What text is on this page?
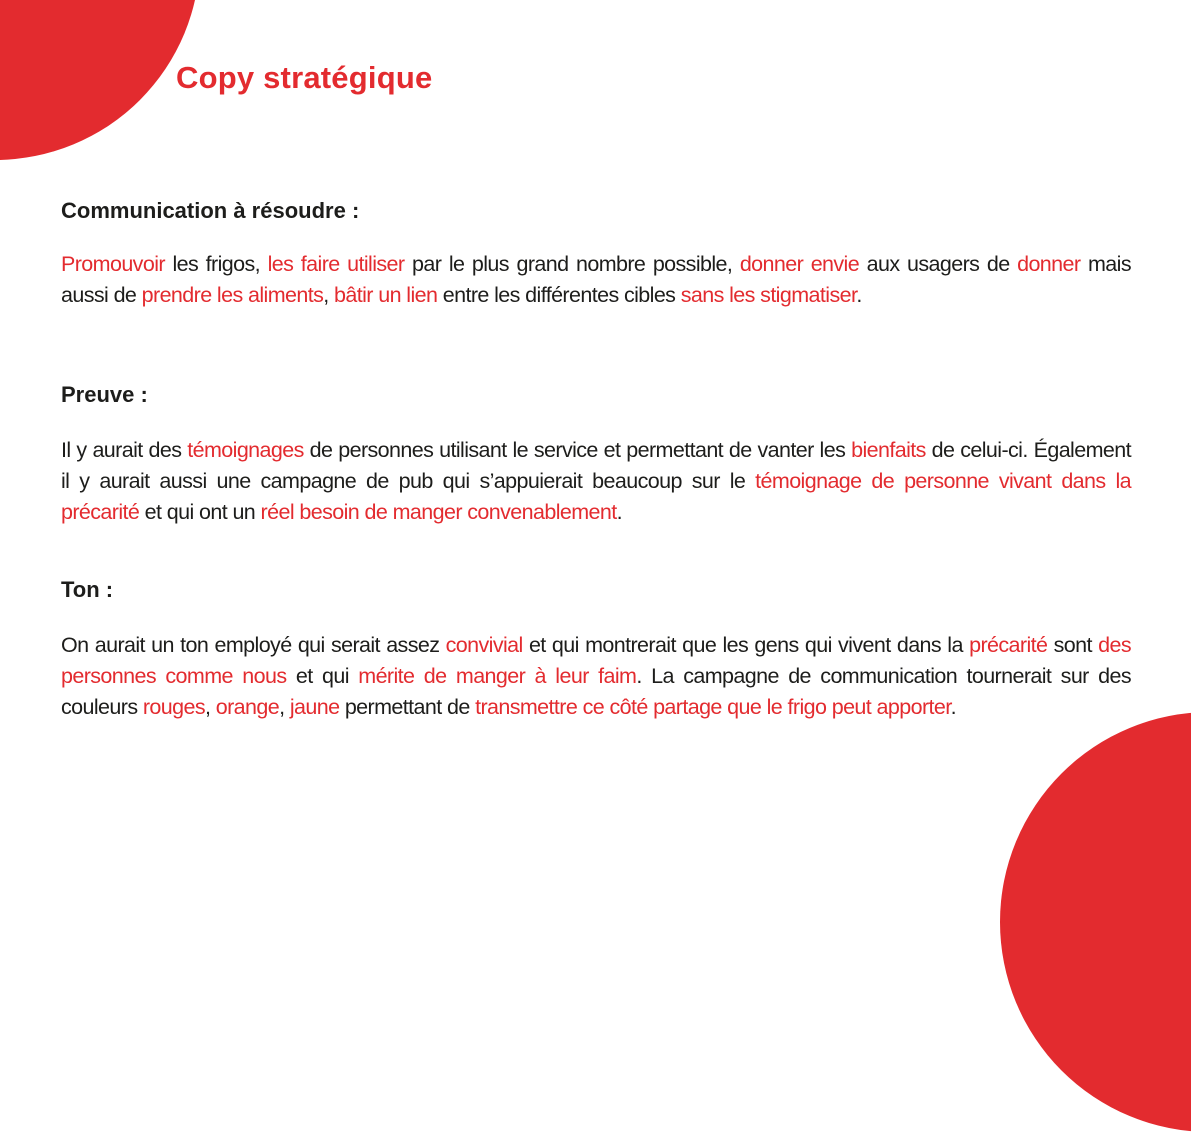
Copy stratégique
Communication à résoudre :

Promouvoir les frigos, les faire utiliser par le plus grand nombre possible, donner envie aux usagers de donner mais aussi de prendre les aliments, bâtir un lien entre les différentes cibles sans les stigmatiser.

Preuve :

Il y aurait des témoignages de personnes utilisant le service et permettant de vanter les bienfaits de celui-ci. Également il y aurait aussi une campagne de pub qui s’appuierait beaucoup sur le témoignage de personne vivant dans la précarité et qui ont un réel besoin de manger convenablement.

Ton :

On aurait un ton employé qui serait assez convivial et qui montrerait que les gens qui vivent dans la précarité sont des personnes comme nous et qui mérite de manger à leur faim. La campagne de communication tournerait sur des couleurs rouges, orange, jaune permettant de transmettre ce côté partage que le frigo peut apporter.
